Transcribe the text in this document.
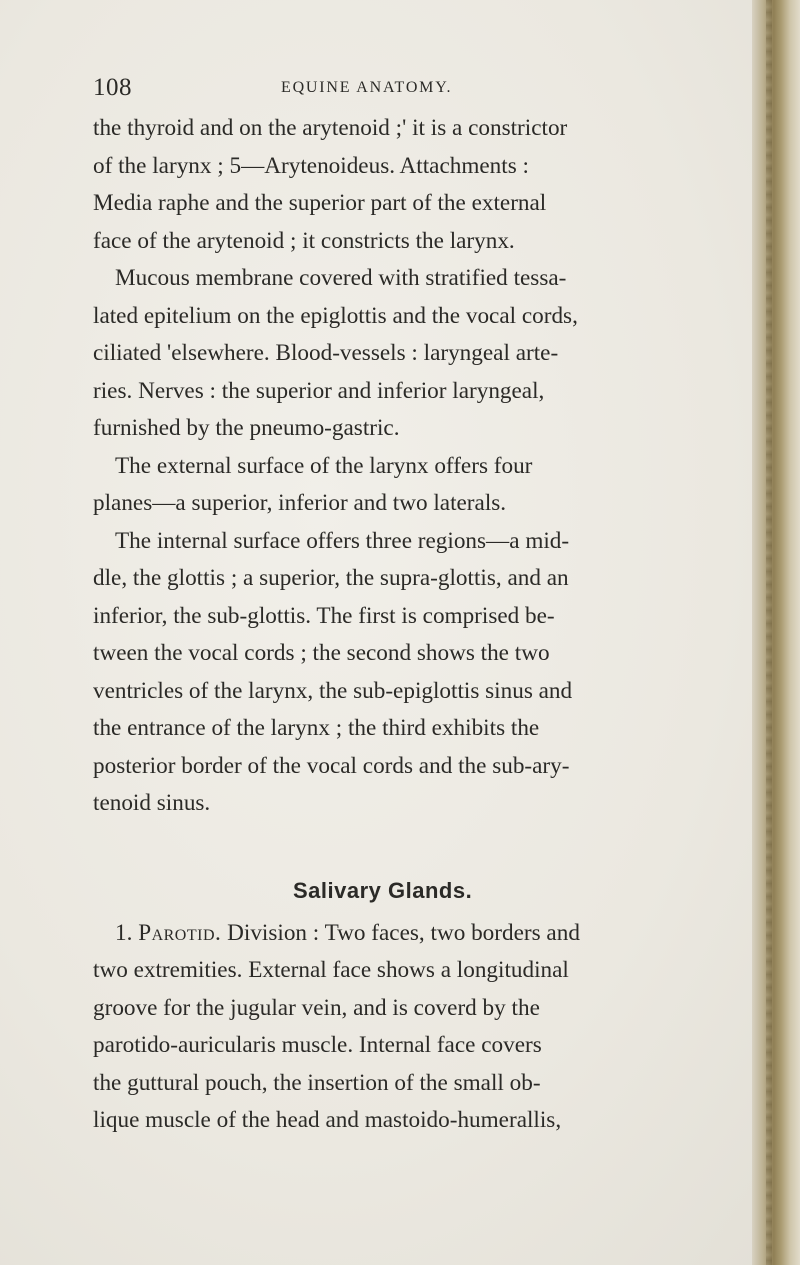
108	EQUINE ANATOMY.
the thyroid and on the arytenoid ;' it is a constrictor
of the larynx ; 5—Arytenoideus. Attachments :
Media raphe and the superior part of the external
face of the arytenoid ; it constricts the larynx.
Mucous membrane covered with stratified tessa-
lated epitelium on the epiglottis and the vocal cords,
ciliated 'elsewhere. Blood-vessels : laryngeal arte-
ries. Nerves : the superior and inferior laryngeal,
furnished by the pneumo-gastric.
The external surface of the larynx offers four
planes—a superior, inferior and two laterals.
The internal surface offers three regions—a mid-
dle, the glottis ; a superior, the supra-glottis, and an
inferior, the sub-glottis. The first is comprised be-
tween the vocal cords ; the second shows the two
ventricles of the larynx, the sub-epiglottis sinus and
the entrance of the larynx ; the third exhibits the
posterior border of the vocal cords and the sub-ary-
tenoid sinus.
Salivary Glands.
1. Parotid. Division : Two faces, two borders and
two extremities. External face shows a longitudinal
groove for the jugular vein, and is coverd by the
parotido-auricularis muscle. Internal face covers
the guttural pouch, the insertion of the small ob-
lique muscle of the head and mastoido-humerallis,
